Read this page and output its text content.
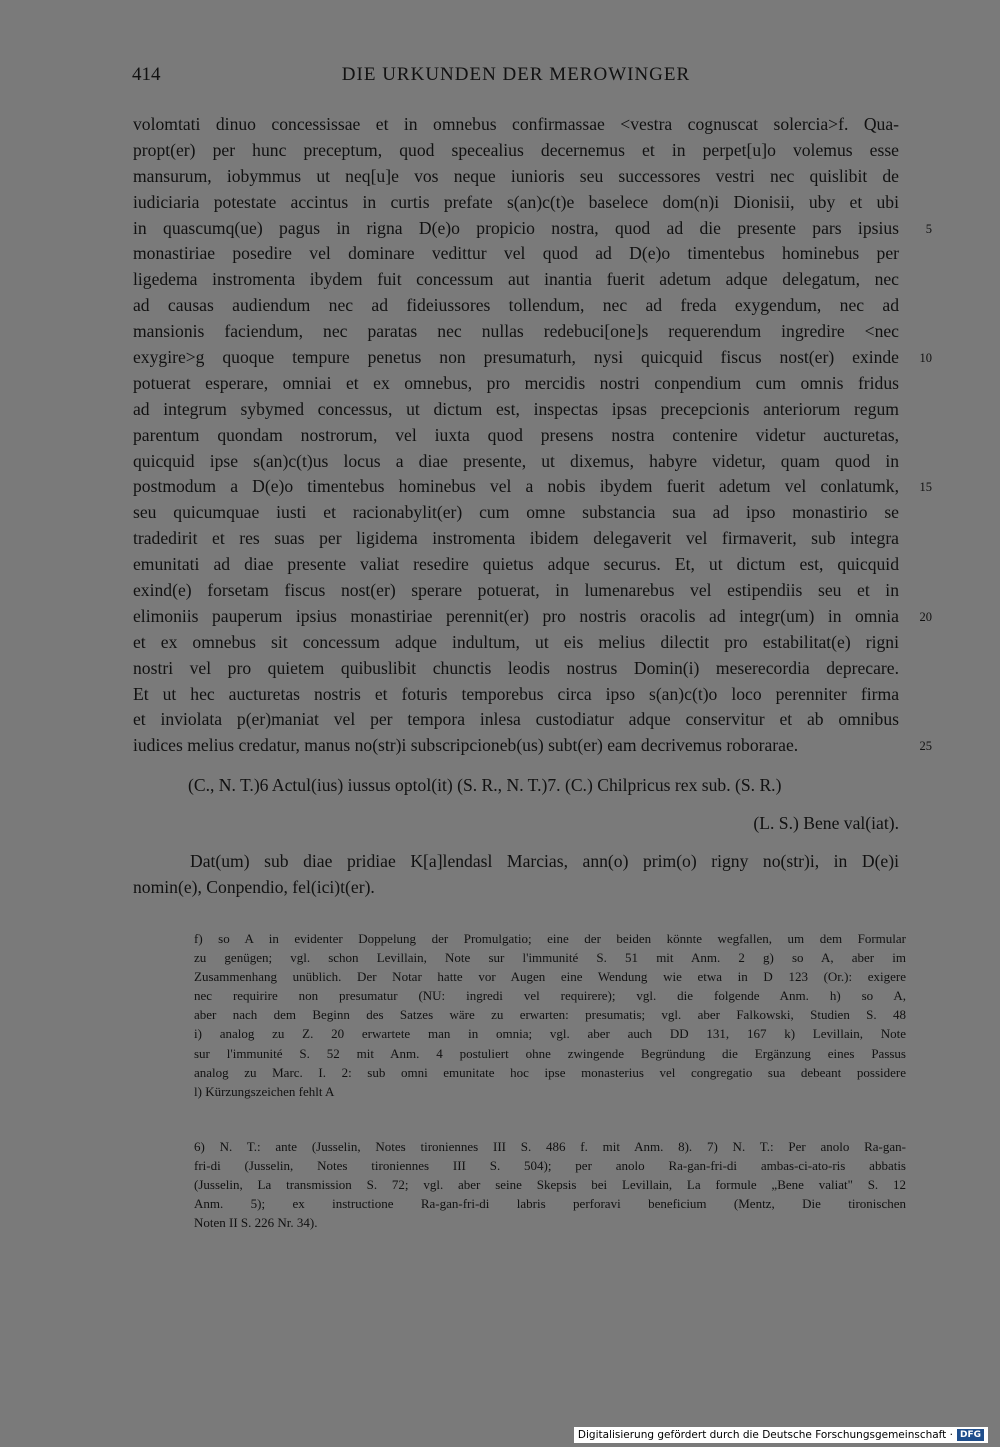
414	DIE URKUNDEN DER MEROWINGER
volomtati dinuo concessissae et in omnebus confirmassae <vestra cognuscat solercia>f. Qua-
propt(er) per hunc preceptum, quod specealius decernemus et in perpet[u]o volemus esse
mansurum, iobymmus ut neq[u]e vos neque iunioris seu successores vestri nec quislibit de
iudiciaria potestate accintus in curtis prefate s(an)c(t)e baselece dom(n)i Dionisii, uby et ubi
in quascumq(ue) pagus in rigna D(e)o propicio nostra, quod ad die presente pars ipsius 5
monastiriae posedire vel dominare vedittur vel quod ad D(e)o timentebus hominebus per
ligedema instromenta ibydem fuit concessum aut inantia fuerit adetum adque delegatum, nec
ad causas audiendum nec ad fideiussores tollendum, nec ad freda exygendum, nec ad
mansionis faciendum, nec paratas nec nullas redebuci[one]s requerendum ingredire <nec
exygire>g quoque tempure penetus non presumaturh, nysi quicquid fiscus nost(er) exinde 10
potuerat esperare, omniai et ex omnebus, pro mercidis nostri conpendium cum omnis fridus
ad integrum sybymed concessus, ut dictum est, inspectas ipsas precepcionis anteriorum regum
parentum quondam nostrorum, vel iuxta quod presens nostra contenire videtur aucturetas,
quicquid ipse s(an)c(t)us locus a diae presente, ut dixemus, habyre videtur, quam quod in
postmodum a D(e)o timentebus hominebus vel a nobis ibydem fuerit adetum vel conlatumk, 15
seu quicumquae iusti et racionabylit(er) cum omne substancia sua ad ipso monastirio se
tradedirit et res suas per ligidema instromenta ibidem delegaverit vel firmaverit, sub integra
emunitati ad diae presente valiat resedire quietus adque securus. Et, ut dictum est, quicquid
exind(e) forsetam fiscus nost(er) sperare potuerat, in lumenarebus vel estipendiis seu et in
elimoniis pauperum ipsius monastiriae perennit(er) pro nostris oracolis ad integr(um) in omnia 20
et ex omnebus sit concessum adque indultum, ut eis melius dilectit pro estabilitat(e) rigni
nostri vel pro quietem quibuslibit chunctis leodis nostrus Domin(i) meserecordia deprecare.
Et ut hec aucturetas nostris et foturis temporebus circa ipso s(an)c(t)o loco perenniter firma
et inviolata p(er)maniat vel per tempora inlesa custodiatur adque conservitur et ab omnibus
iudices melius credatur, manus no(str)i subscripcioneb(us) subt(er) eam decrivemus roborarae.	25
(C., N. T.)6 Actul(ius) iussus optol(it) (S. R., N. T.)7. (C.) Chilpricus rex sub. (S. R.)
(L. S.) Bene val(iat).
Dat(um) sub diae pridiae K[a]lendasl Marcias, ann(o) prim(o) rigny no(str)i, in D(e)i
nomin(e), Conpendio, fel(ici)t(er).
f) so A in evidenter Doppelung der Promulgatio; eine der beiden könnte wegfallen, um dem Formular
zu genügen; vgl. schon Levillain, Note sur l'immunité S. 51 mit Anm. 2 g) so A, aber im
Zusammenhang unüblich. Der Notar hatte vor Augen eine Wendung wie etwa in D 123 (Or.): exigere
nec requirire non presumatur (NU: ingredi vel requirere); vgl. die folgende Anm. h) so A,
aber nach dem Beginn des Satzes wäre zu erwarten: presumatis; vgl. aber Falkowski, Studien S. 48
i) analog zu Z. 20 erwartete man in omnia; vgl. aber auch DD 131, 167 k) Levillain, Note
sur l'immunité S. 52 mit Anm. 4 postuliert ohne zwingende Begründung die Ergänzung eines Passus
analog zu Marc. I. 2: sub omni emunitate hoc ipse monasterius vel congregatio sua debeant possidere
l) Kürzungszeichen fehlt A
6) N. T.: ante (Jusselin, Notes tironiennes III S. 486 f. mit Anm. 8). 7) N. T.: Per anolo Ra-gan-
fri-di (Jusselin, Notes tironiennes III S. 504); per anolo Ra-gan-fri-di ambas-ci-ato-ris abbatis
(Jusselin, La transmission S. 72; vgl. aber seine Skepsis bei Levillain, La formule „Bene valiat" S. 12
Anm. 5); ex instructione Ra-gan-fri-di labris perforavi beneficium (Mentz, Die tironischen
Noten II S. 226 Nr. 34).
Digitalisierung gefördert durch die Deutsche Forschungsgemeinschaft · DFG
